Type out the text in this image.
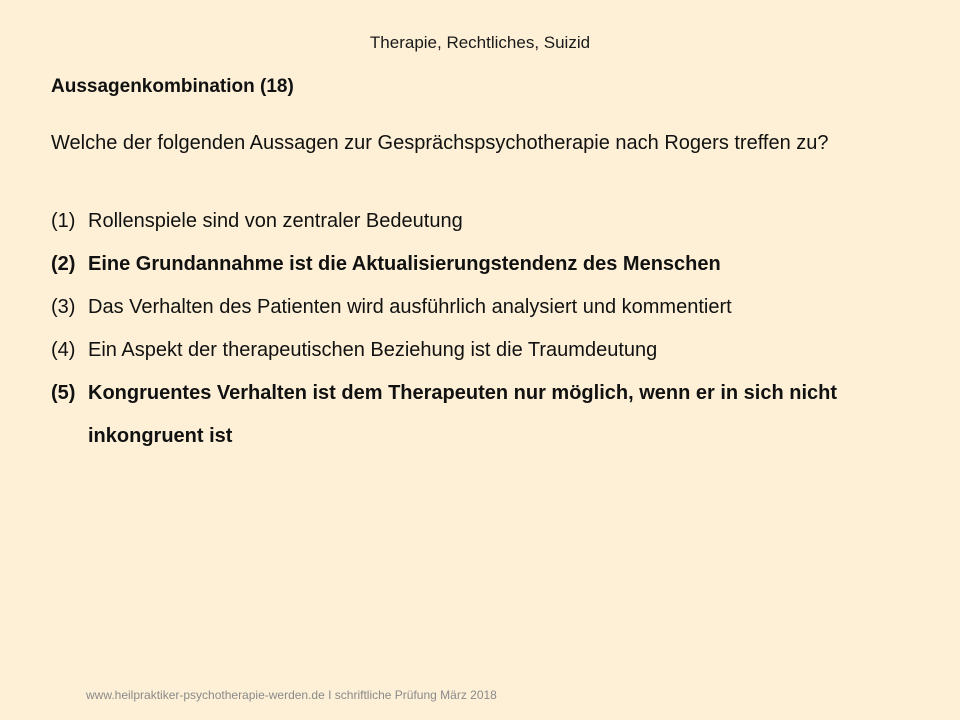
Therapie, Rechtliches, Suizid
Aussagenkombination (18)
Welche der folgenden Aussagen zur Gesprächspsychotherapie nach Rogers treffen zu?
(1) Rollenspiele sind von zentraler Bedeutung
(2) Eine Grundannahme ist die Aktualisierungstendenz des Menschen
(3) Das Verhalten des Patienten wird ausführlich analysiert und kommentiert
(4) Ein Aspekt der therapeutischen Beziehung ist die Traumdeutung
(5) Kongruentes Verhalten ist dem Therapeuten nur möglich, wenn er in sich nicht inkongruent ist
www.heilpraktiker-psychotherapie-werden.de I schriftliche Prüfung März 2018
